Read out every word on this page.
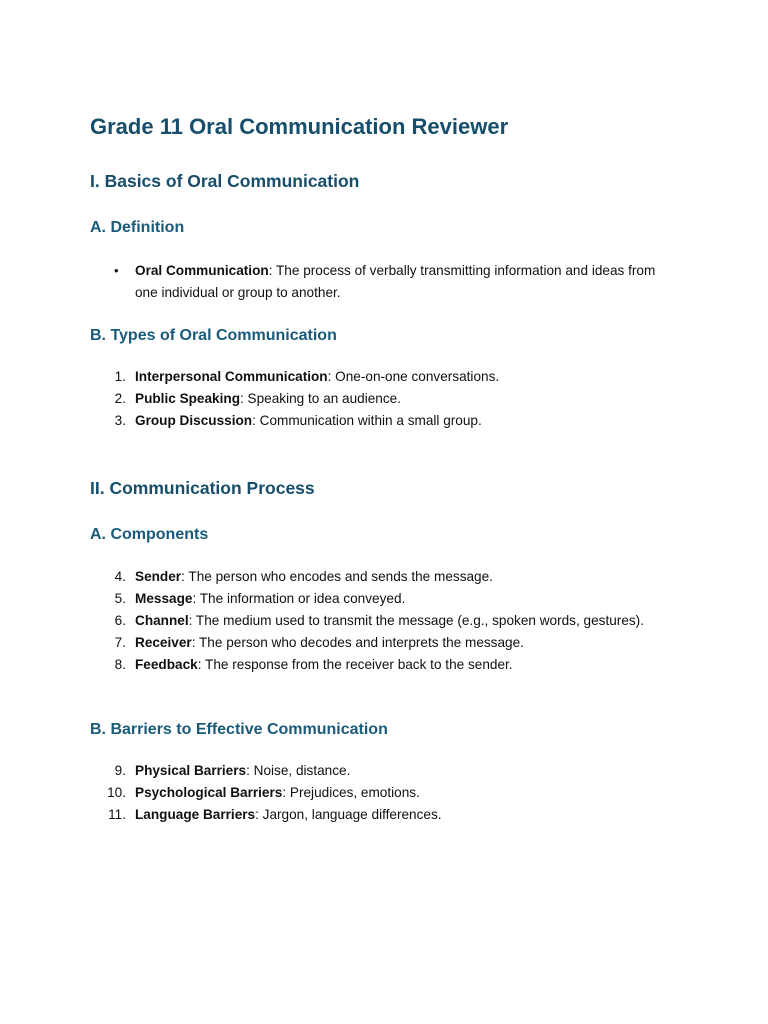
Grade 11 Oral Communication Reviewer
I. Basics of Oral Communication
A. Definition
• Oral Communication: The process of verbally transmitting information and ideas from one individual or group to another.
B. Types of Oral Communication
1. Interpersonal Communication: One-on-one conversations.
2. Public Speaking: Speaking to an audience.
3. Group Discussion: Communication within a small group.
II. Communication Process
A. Components
4. Sender: The person who encodes and sends the message.
5. Message: The information or idea conveyed.
6. Channel: The medium used to transmit the message (e.g., spoken words, gestures).
7. Receiver: The person who decodes and interprets the message.
8. Feedback: The response from the receiver back to the sender.
B. Barriers to Effective Communication
9. Physical Barriers: Noise, distance.
10. Psychological Barriers: Prejudices, emotions.
11. Language Barriers: Jargon, language differences.
